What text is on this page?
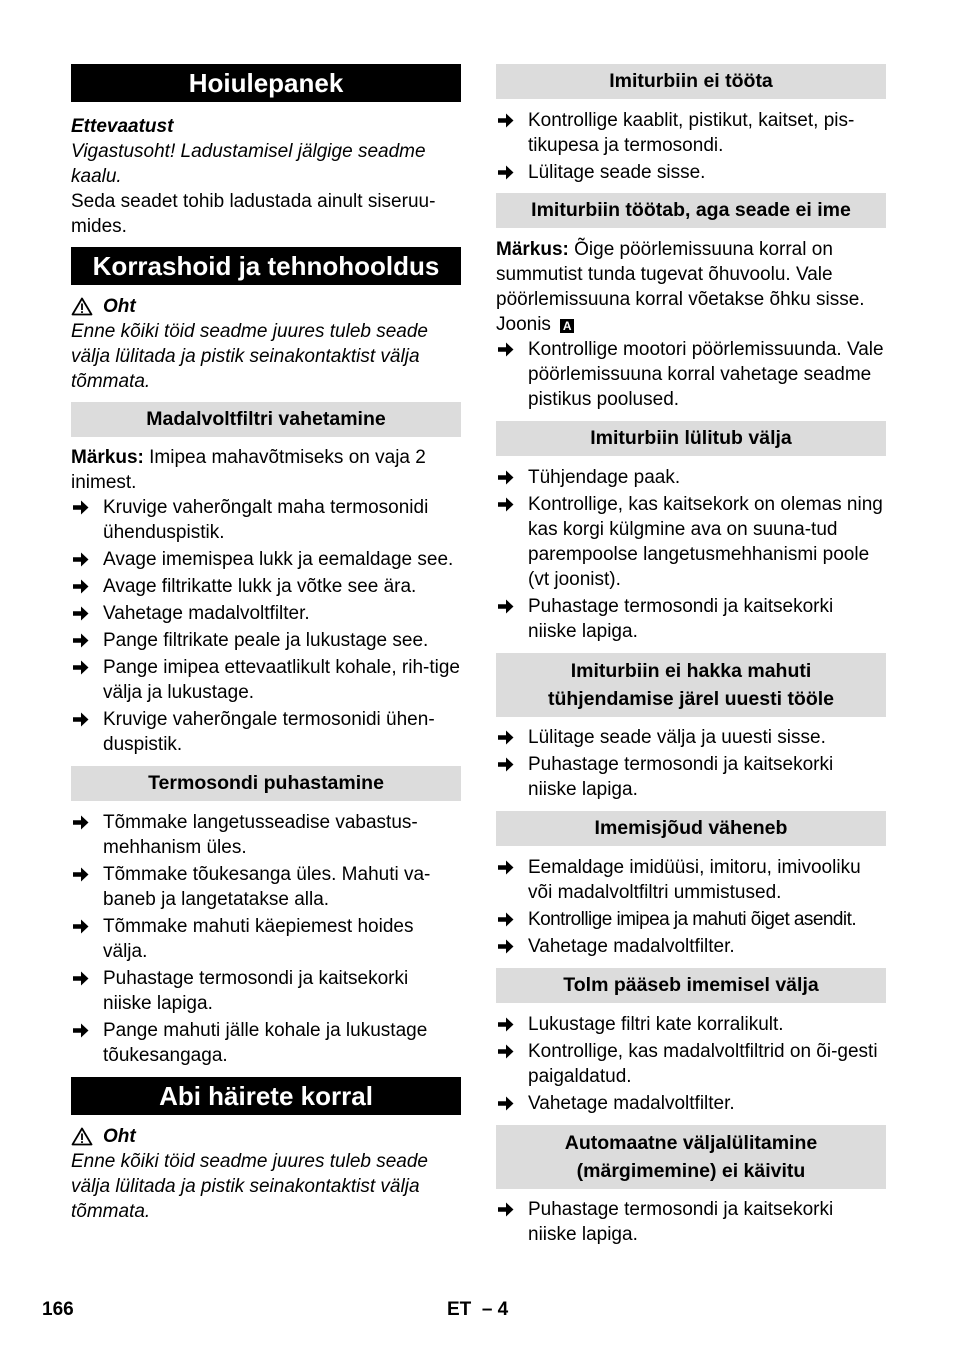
Hoiulepanek

Ettevaatust

Vigastusoht! Ladustamisel jälgige seadme kaalu.

Seda seadet tohib ladustada ainult siseruu-mides.

Korrashoid ja tehnohooldus

Oht

Enne kõiki töid seadme juures tuleb seade välja lülitada ja pistik seinakontaktist välja tõmmata.

Madalvoltfiltri vahetamine

Märkus: Imipea mahavõtmiseks on vaja 2 inimest.

Kruvige vaherõngalt maha termosonidi ühenduspistik.
Avage imemispea lukk ja eemaldage see.
Avage filtrikatte lukk ja võtke see ära.
Vahetage madalvoltfilter.
Pange filtrikate peale ja lukustage see.
Pange imipea ettevaatlikult kohale, rih-tige välja ja lukustage.
Kruvige vaherõngale termosonidi ühen-duspistik.
Termosondi puhastamine
Tõmmake langetusseadise vabastus-mehhanism üles.
Tõmmake tõukesanga üles. Mahuti va-baneb ja langetatakse alla.
Tõmmake mahuti käepiemest hoides välja.
Puhastage termosondi ja kaitsekorki niiske lapiga.
Pange mahuti jälle kohale ja lukustage tõukesangaga.
Abi häirete korral

Oht

Enne kõiki töid seadme juures tuleb seade välja lülitada ja pistik seinakontaktist välja tõmmata.

Imiturbiin ei tööta
Kontrollige kaablit, pistikut, kaitset, pis-tikupesa ja termosondi.
Lülitage seade sisse.
Imiturbiin töötab, aga seade ei ime

Märkus: Õige pöörlemissuuna korral on summutist tunda tugevat õhuvoolu. Vale pöörlemissuuna korral võetakse õhku sisse. Joonis A

Kontrollige mootori pöörlemissuunda. Vale pöörlemissuuna korral vahetage seadme pistikus poolused.
Imiturbiin lülitub välja
Tühjendage paak.
Kontrollige, kas kaitsekork on olemas ning kas korgi külgmine ava on suuna-tud parempoolse langetusmehhanismi poole (vt joonist).
Puhastage termosondi ja kaitsekorki niiske lapiga.
Imiturbiin ei hakka mahuti
tühjendamise järel uuesti tööle
Lülitage seade välja ja uuesti sisse.
Puhastage termosondi ja kaitsekorki niiske lapiga.
Imemisjõud väheneb
Eemaldage imidüüsi, imitoru, imivooliku või madalvoltfiltri ummistused.
Kontrollige imipea ja mahuti õiget asendit.
Vahetage madalvoltfilter.
Tolm pääseb imemisel välja
Lukustage filtri kate korralikult.
Kontrollige, kas madalvoltfiltrid on õi-gesti paigaldatud.
Vahetage madalvoltfilter.
Automaatne väljalülitamine
(märgimemine) ei käivitu
Puhastage termosondi ja kaitsekorki niiske lapiga.
166	ET  – 4
